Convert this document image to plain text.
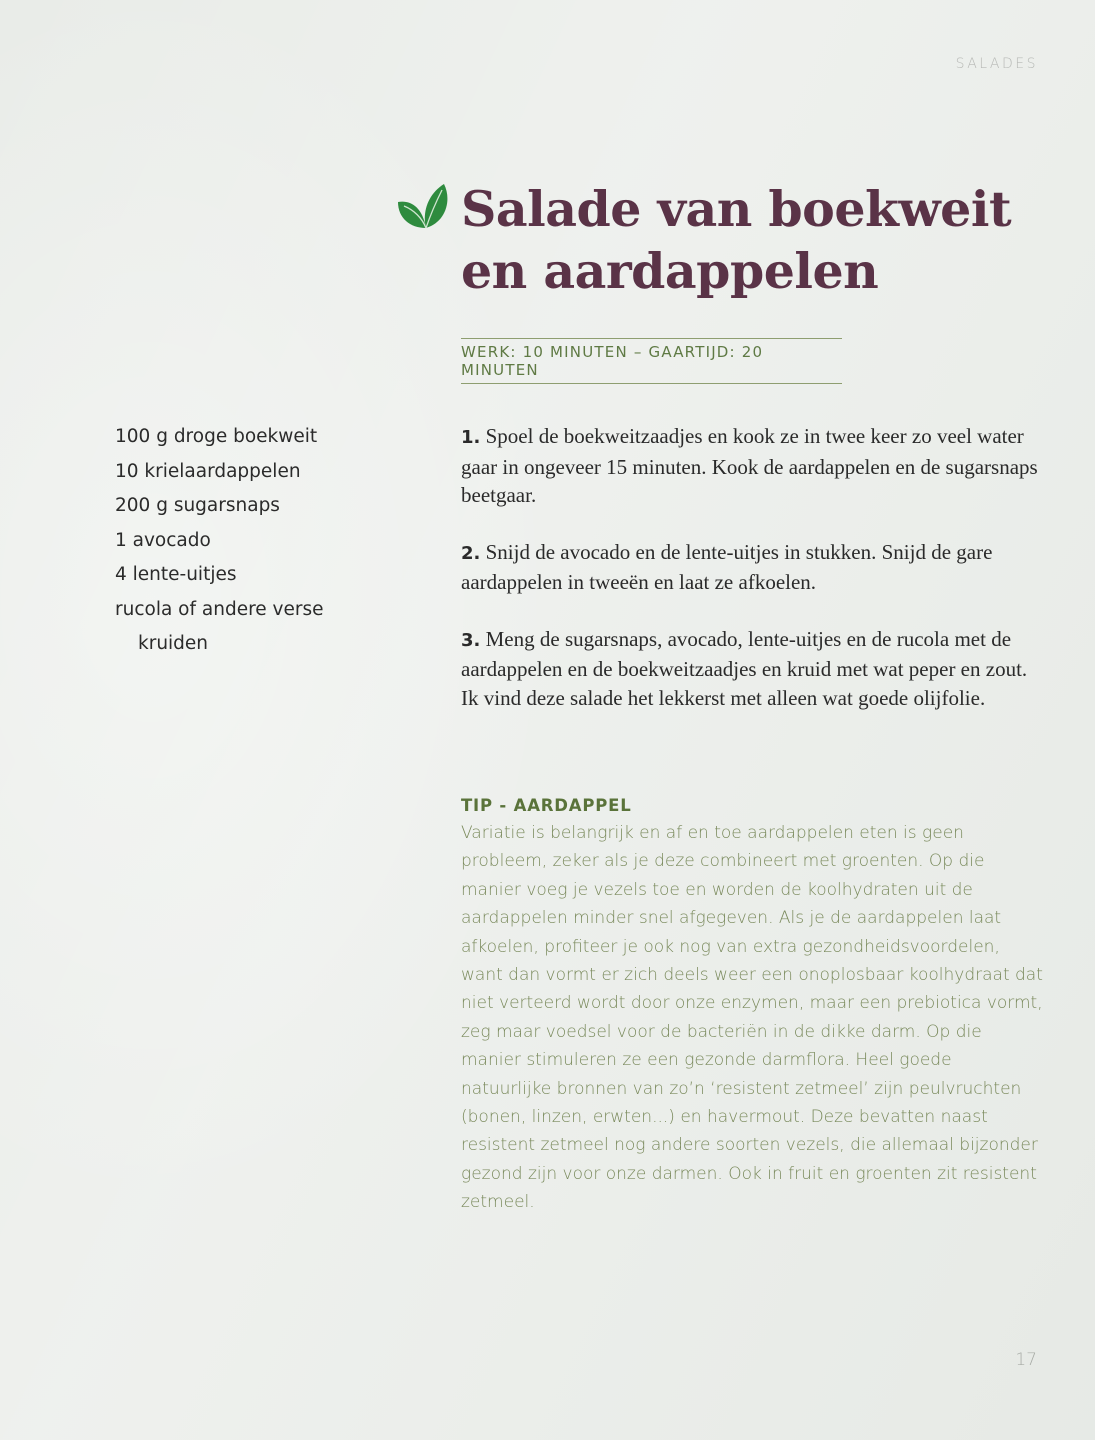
SALADES
Salade van boekweit en aardappelen
WERK: 10 MINUTEN – GAARTIJD: 20 MINUTEN
100 g droge boekweit
10 krielaardappelen
200 g sugarsnaps
1 avocado
4 lente-uitjes
rucola of andere verse
kruiden

1. Spoel de boekweitzaadjes en kook ze in twee keer zo veel water gaar in ongeveer 15 minuten. Kook de aardappelen en de sugarsnaps beetgaar.

2. Snijd de avocado en de lente-uitjes in stukken. Snijd de gare aardappelen in tweeën en laat ze afkoelen.

3. Meng de sugarsnaps, avocado, lente-uitjes en de rucola met de aardappelen en de boekweitzaadjes en kruid met wat peper en zout. Ik vind deze salade het lekkerst met alleen wat goede olijfolie.

TIP - AARDAPPEL

Variatie is belangrijk en af en toe aardappelen eten is geen probleem, zeker als je deze combineert met groenten. Op die manier voeg je vezels toe en worden de koolhydraten uit de aardappelen minder snel afgegeven. Als je de aardappelen laat afkoelen, profiteer je ook nog van extra gezondheidsvoordelen, want dan vormt er zich deels weer een onoplosbaar koolhydraat dat niet verteerd wordt door onze enzymen, maar een prebiotica vormt, zeg maar voedsel voor de bacteriën in de dikke darm. Op die manier stimuleren ze een gezonde darmflora. Heel goede natuurlijke bronnen van zo’n ‘resistent zetmeel’ zijn peulvruchten (bonen, linzen, erwten...) en havermout. Deze bevatten naast resistent zetmeel nog andere soorten vezels, die allemaal bijzonder gezond zijn voor onze darmen. Ook in fruit en groenten zit resistent zetmeel.

17
